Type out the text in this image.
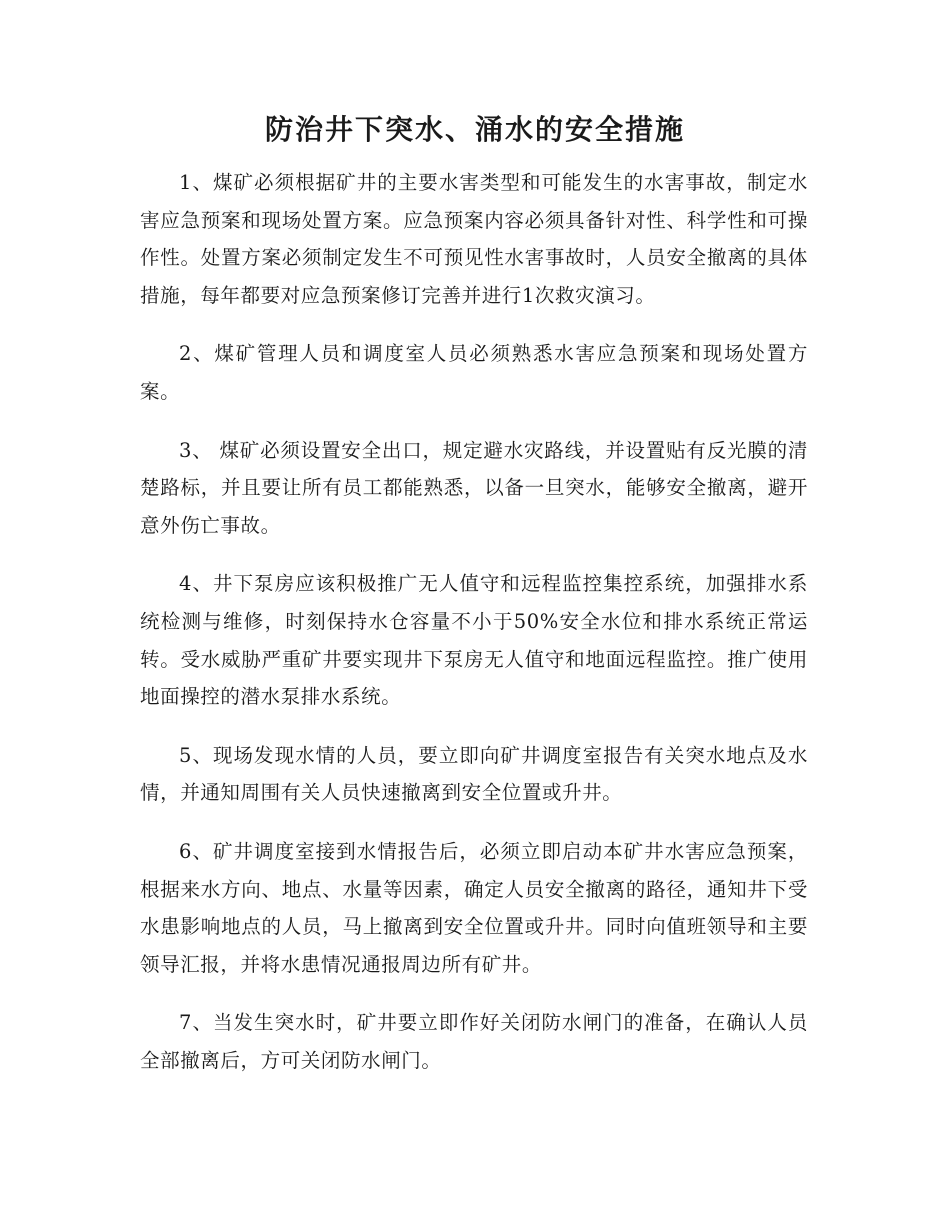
防治井下突水、涌水的安全措施

1、煤矿必须根据矿井的主要水害类型和可能发生的水害事故，制定水害应急预案和现场处置方案。应急预案内容必须具备针对性、科学性和可操作性。处置方案必须制定发生不可预见性水害事故时，人员安全撤离的具体措施，每年都要对应急预案修订完善并进行1次救灾演习。

2、煤矿管理人员和调度室人员必须熟悉水害应急预案和现场处置方案。

3、 煤矿必须设置安全出口，规定避水灾路线，并设置贴有反光膜的清楚路标，并且要让所有员工都能熟悉，以备一旦突水，能够安全撤离，避开意外伤亡事故。

4、井下泵房应该积极推广无人值守和远程监控集控系统，加强排水系统检测与维修，时刻保持水仓容量不小于50%安全水位和排水系统正常运转。受水威胁严重矿井要实现井下泵房无人值守和地面远程监控。推广使用地面操控的潜水泵排水系统。

5、现场发现水情的人员，要立即向矿井调度室报告有关突水地点及水情，并通知周围有关人员快速撤离到安全位置或升井。

6、矿井调度室接到水情报告后，必须立即启动本矿井水害应急预案，根据来水方向、地点、水量等因素，确定人员安全撤离的路径，通知井下受水患影响地点的人员，马上撤离到安全位置或升井。同时向值班领导和主要领导汇报，并将水患情况通报周边所有矿井。

7、当发生突水时，矿井要立即作好关闭防水闸门的准备，在确认人员全部撤离后，方可关闭防水闸门。
